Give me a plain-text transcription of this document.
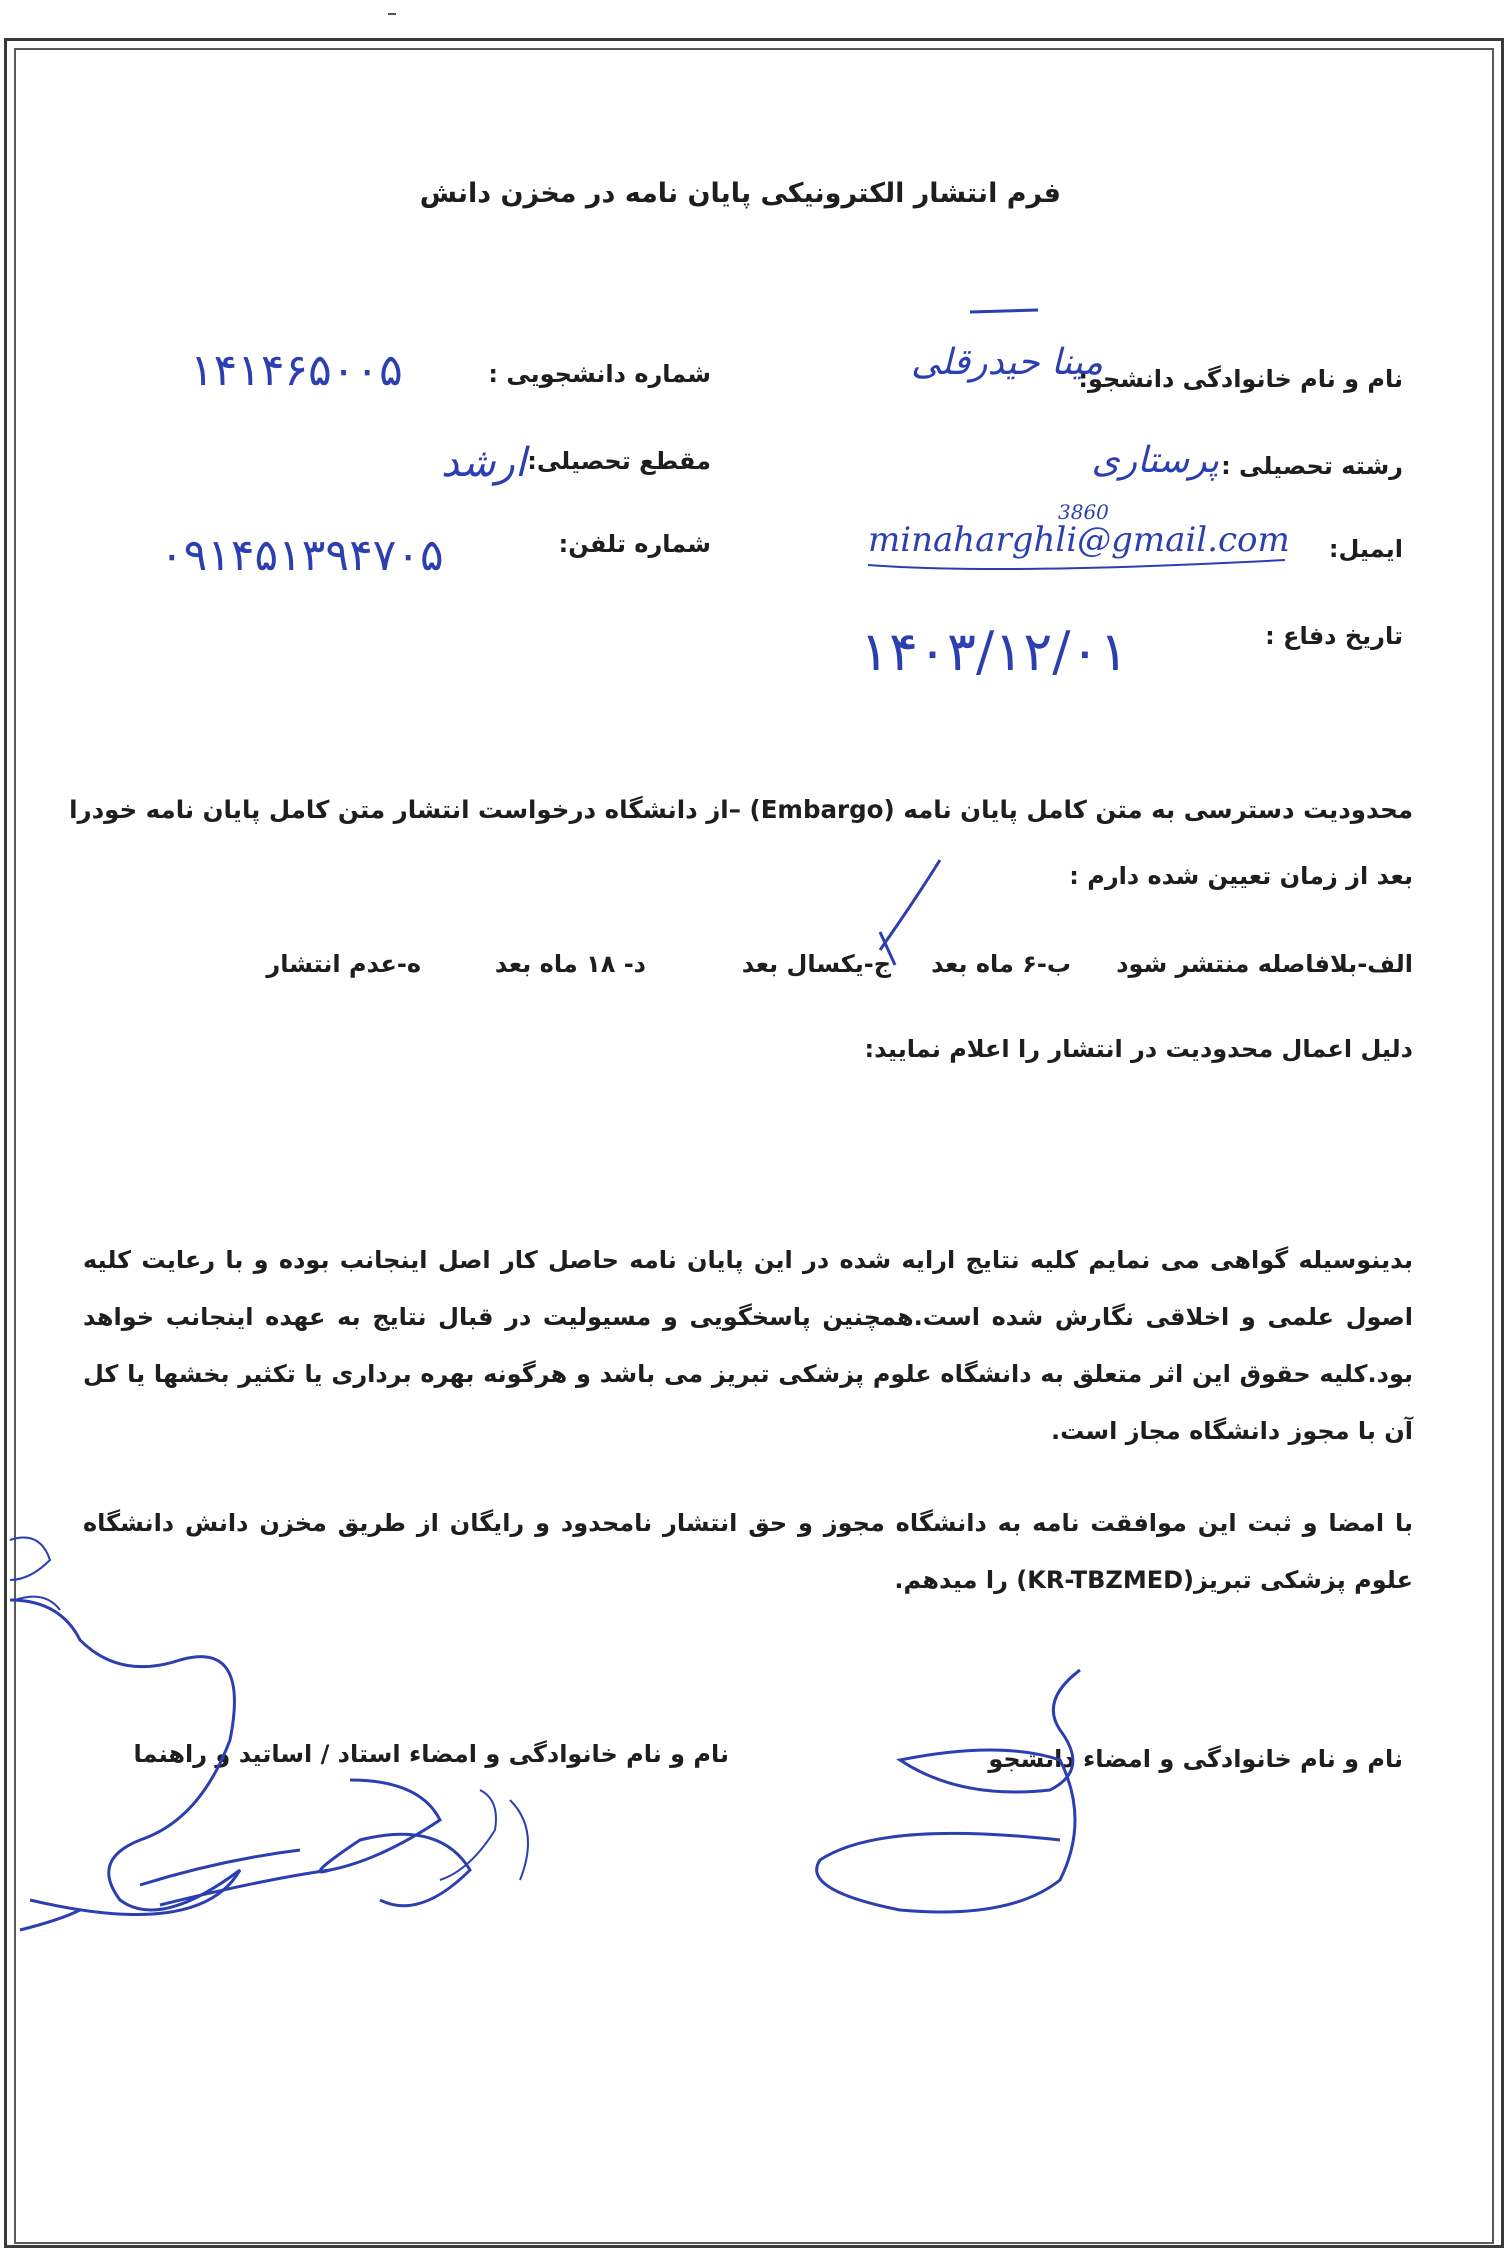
فرم انتشار الکترونیکی پایان نامه در مخزن دانش
نام و نام خانوادگی دانشجو:
مینا حیدرقلی
شماره دانشجویی :
۱۴۱۴۶۵۰۰۵
رشته تحصیلی :
پرستاری
مقطع تحصیلی:
ارشد
ایمیل:
minaharghli@gmail.com
3860
شماره تلفن:
۰۹۱۴۵۱۳۹۴۷۰۵
تاریخ دفاع :
۱۴۰۳/۱۲/۰۱
محدودیت دسترسی به متن کامل پایان نامه (Embargo) –از دانشگاه درخواست انتشار متن کامل پایان نامه خودرا
بعد از زمان تعیین شده دارم :
الف-بلافاصله منتشر شود
ب-۶ ماه بعد
ج-یکسال بعد
د- ۱۸ ماه بعد
ه-عدم انتشار
دلیل اعمال محدودیت در انتشار را اعلام نمایید:
بدینوسیله گواهی می نمایم کلیه نتایج ارایه شده در این پایان نامه حاصل کار اصل اینجانب بوده و با رعایت کلیه اصول علمی و اخلاقی نگارش شده است.همچنین پاسخگویی و مسیولیت در قبال نتایج به عهده اینجانب خواهد بود.کلیه حقوق این اثر متعلق به دانشگاه علوم پزشکی تبریز می باشد و هرگونه بهره برداری یا تکثیر بخشها یا کل آن با مجوز دانشگاه مجاز است.
با امضا و ثبت این موافقت نامه به دانشگاه مجوز و حق انتشار نامحدود و رایگان از طریق مخزن دانش دانشگاه علوم پزشکی تبریز(KR-TBZMED) را میدهم.
نام و نام خانوادگی و امضاء دانشجو
نام و نام خانوادگی و امضاء استاد / اساتید و راهنما
